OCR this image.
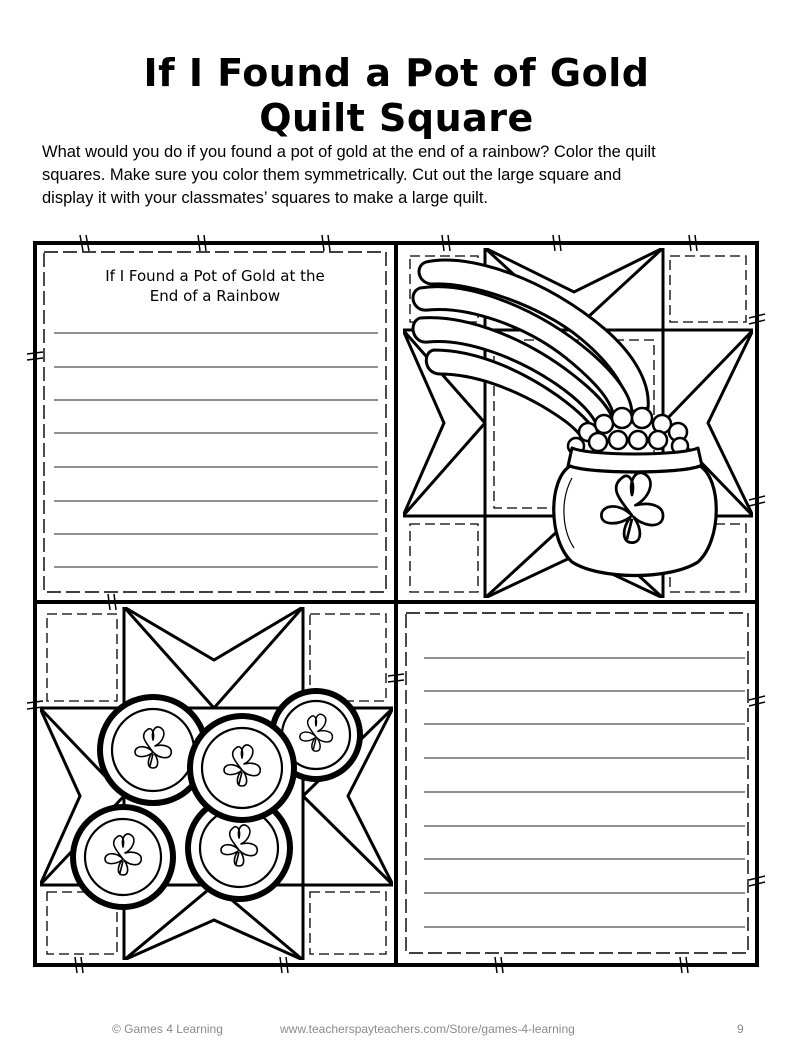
If I Found a Pot of Gold
Quilt Square
What would you do if you found a pot of gold at the end of a rainbow? Color the quilt
squares. Make sure you color them symmetrically. Cut out the large square and
display it with your classmates’ squares to make a large quilt.
If I Found a Pot of Gold at the
End of a Rainbow
© Games 4 Learning	www.teacherspayteachers.com/Store/games-4-learning	9
